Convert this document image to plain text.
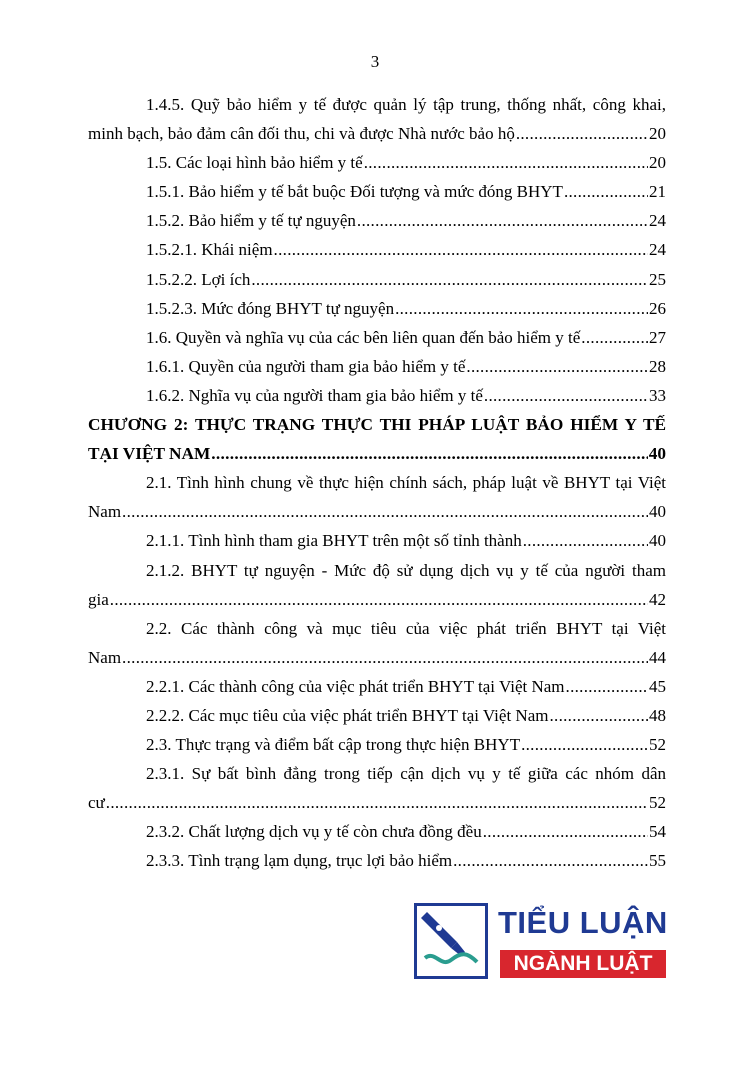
3
1.4.5. Quỹ bảo hiểm y tế được quản lý tập trung, thống nhất, công khai,
minh bạch, bảo đảm cân đối thu, chi và được Nhà nước bảo hộ .....	20
1.5. Các loại hình bảo hiểm y tế .....	20
1.5.1. Bảo hiểm y tế bắt buộc Đối tượng và mức đóng BHYT .....	21
1.5.2. Bảo hiểm y tế tự nguyện .....	24
1.5.2.1. Khái niệm .....	24
1.5.2.2. Lợi ích .....	25
1.5.2.3. Mức đóng BHYT tự nguyện .....	26
1.6. Quyền và nghĩa vụ của các bên liên quan đến bảo hiểm y tế .....	27
1.6.1. Quyền của người tham gia bảo hiểm y tế .....	28
1.6.2. Nghĩa vụ của người tham gia bảo hiểm y tế .....	33
CHƯƠNG 2: THỰC TRẠNG THỰC THI PHÁP LUẬT BẢO HIỂM Y TẾ
TẠI VIỆT NAM .....	40
2.1. Tình hình chung về thực hiện chính sách, pháp luật về BHYT tại Việt
Nam .....	40
2.1.1. Tình hình tham gia BHYT trên một số tỉnh thành .....	40
2.1.2. BHYT tự nguyện - Mức độ sử dụng dịch vụ y tế của người tham
gia .....	42
2.2. Các thành công và mục tiêu của việc phát triển BHYT tại Việt
Nam .....	44
2.2.1. Các thành công của việc phát triển BHYT tại Việt Nam .....	45
2.2.2. Các mục tiêu của việc phát triển BHYT tại Việt Nam .....	48
2.3. Thực trạng và điểm bất cập trong thực hiện BHYT .....	52
2.3.1. Sự bất bình đẳng trong tiếp cận dịch vụ y tế giữa các nhóm dân
cư .....	52
2.3.2. Chất lượng dịch vụ y tế còn chưa đồng đều .....	54
2.3.3. Tình trạng lạm dụng, trục lợi bảo hiểm .....	55
TIỂU LUẬN
NGÀNH LUẬT
